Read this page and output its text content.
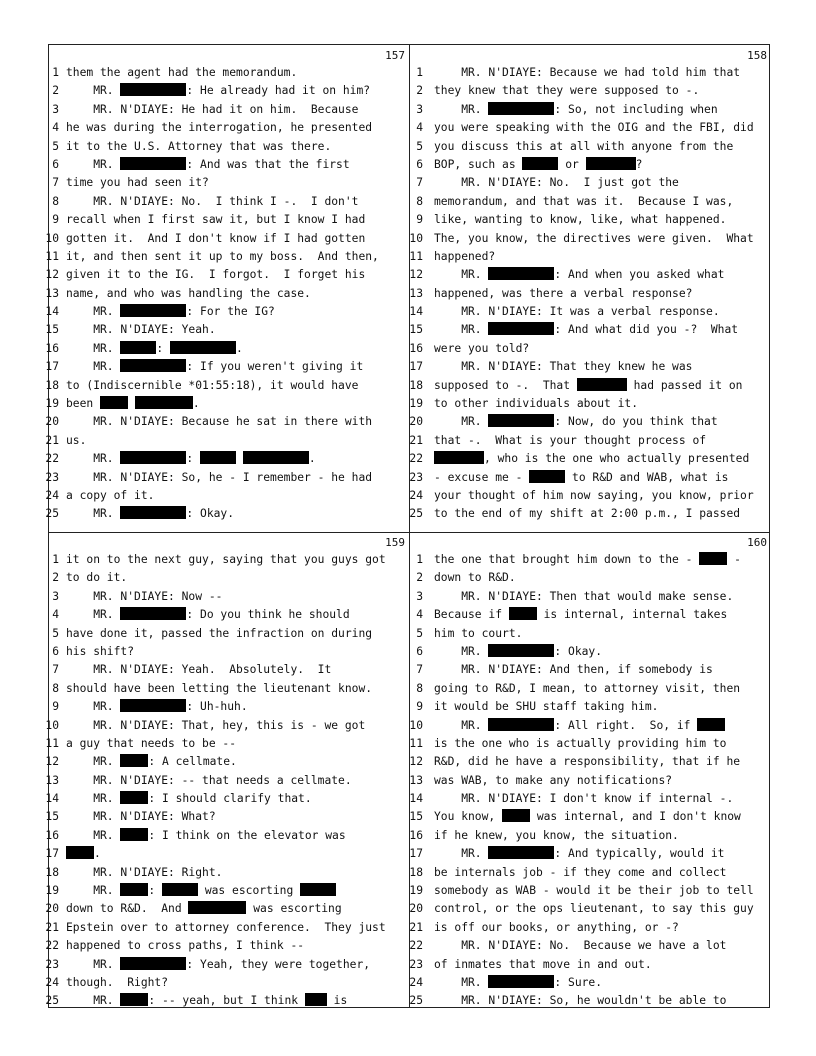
157
1 them the agent had the memorandum.
2 MR.	: He already had it on him?
3 MR. N'DIAYE: He had it on him.  Because
4 he was during the interrogation, he presented
5 it to the U.S. Attorney that was there.
6 MR.	: And was that the first
7 time you had seen it?
8 MR. N'DIAYE: No.  I think I -.  I don't
9 recall when I first saw it, but I know I had
10 gotten it.  And I don't know if I had gotten
11 it, and then sent it up to my boss.  And then,
12 given it to the IG.  I forgot.  I forget his
13 name, and who was handling the case.
14 MR.	: For the IG?
15 MR. N'DIAYE: Yeah.
16 MR.	:	.
17 MR.	: If you weren't giving it
18 to (Indiscernible *01:55:18), it would have
19 been	.
20 MR. N'DIAYE: Because he sat in there with
21 us.
22 MR.	:	.
23 MR. N'DIAYE: So, he - I remember - he had
24 a copy of it.
25 MR.	: Okay.
158
1 MR. N'DIAYE: Because we had told him that
2 they knew that they were supposed to -.
3 MR.	: So, not including when
4 you were speaking with the OIG and the FBI, did
5 you discuss this at all with anyone from the
6 BOP, such as	or	?
7 MR. N'DIAYE: No.  I just got the
8 memorandum, and that was it.  Because I was,
9 like, wanting to know, like, what happened.
10 The, you know, the directives were given.  What
11 happened?
12 MR.	: And when you asked what
13 happened, was there a verbal response?
14 MR. N'DIAYE: It was a verbal response.
15 MR.	: And what did you -?  What
16 were you told?
17 MR. N'DIAYE: That they knew he was
18 supposed to -.  That	had passed it on
19 to other individuals about it.
20 MR.	: Now, do you think that
21 that -.  What is your thought process of
22	, who is the one who actually presented
23 - excuse me -	to R&D and WAB, what is
24 your thought of him now saying, you know, prior
25 to the end of my shift at 2:00 p.m., I passed
159
1 it on to the next guy, saying that you guys got
2 to do it.
3 MR. N'DIAYE: Now --
4 MR.	: Do you think he should
5 have done it, passed the infraction on during
6 his shift?
7 MR. N'DIAYE: Yeah.  Absolutely.  It
8 should have been letting the lieutenant know.
9 MR.	: Uh-huh.
10 MR. N'DIAYE: That, hey, this is - we got
11 a guy that needs to be --
12 MR. : A cellmate.
13 MR. N'DIAYE: -- that needs a cellmate.
14 MR. : I should clarify that.
15 MR. N'DIAYE: What?
16 MR. : I think on the elevator was
17	.
18 MR. N'DIAYE: Right.
19 MR. :	was escorting
20 down to R&D.  And	was escorting
21 Epstein over to attorney conference.  They just
22 happened to cross paths, I think --
23 MR.	: Yeah, they were together,
24 though.  Right?
25 MR. : -- yeah, but I think  is
160
1 the one that brought him down to the -  -
2 down to R&D.
3 MR. N'DIAYE: Then that would make sense.
4 Because if  is internal, internal takes
5 him to court.
6 MR.	: Okay.
7 MR. N'DIAYE: And then, if somebody is
8 going to R&D, I mean, to attorney visit, then
9 it would be SHU staff taking him.
10 MR.	: All right.  So, if
11 is the one who is actually providing him to
12 R&D, did he have a responsibility, that if he
13 was WAB, to make any notifications?
14 MR. N'DIAYE: I don't know if internal -.
15 You know,  was internal, and I don't know
16 if he knew, you know, the situation.
17 MR.	: And typically, would it
18 be internals job - if they come and collect
19 somebody as WAB - would it be their job to tell
20 control, or the ops lieutenant, to say this guy
21 is off our books, or anything, or -?
22 MR. N'DIAYE: No.  Because we have a lot
23 of inmates that move in and out.
24 MR.	: Sure.
25 MR. N'DIAYE: So, he wouldn't be able to
